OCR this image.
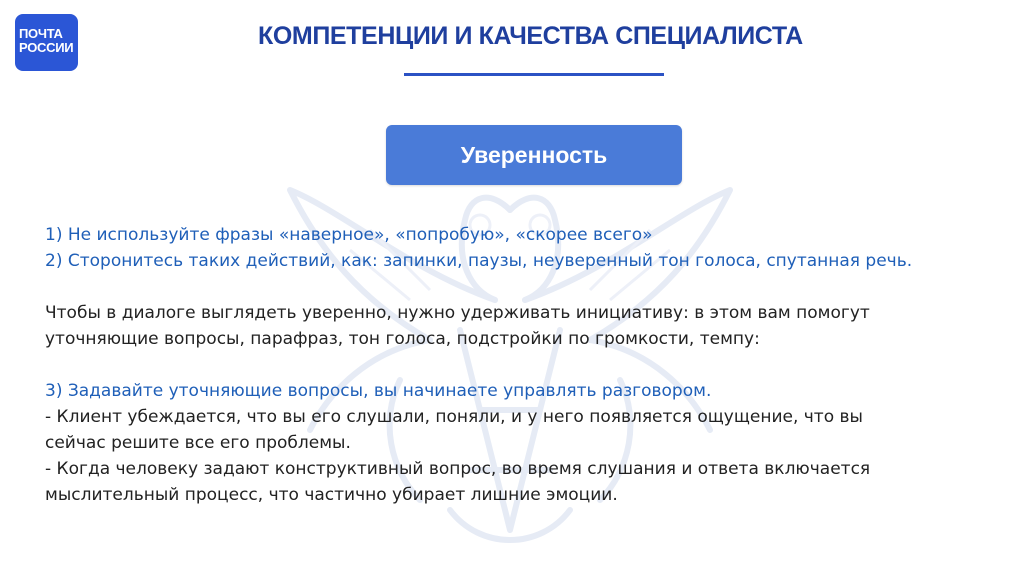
ПОЧТА
РОССИИ	КОМПЕТЕНЦИИ И КАЧЕСТВА СПЕЦИАЛИСТА
Уверенность
1) Не используйте фразы «наверное», «попробую», «скорее всего»
2) Сторонитесь таких действий, как: запинки, паузы, неуверенный тон голоса, спутанная речь.
Чтобы в диалоге выглядеть уверенно, нужно удерживать инициативу: в этом вам помогут
уточняющие вопросы, парафраз, тон голоса, подстройки по громкости, темпу:
3) Задавайте уточняющие вопросы, вы начинаете управлять разговором.
- Клиент убеждается, что вы его слушали, поняли, и у него появляется ощущение, что вы
сейчас решите все его проблемы.
- Когда человеку задают конструктивный вопрос, во время слушания и ответа включается
мыслительный процесс, что частично убирает лишние эмоции.
